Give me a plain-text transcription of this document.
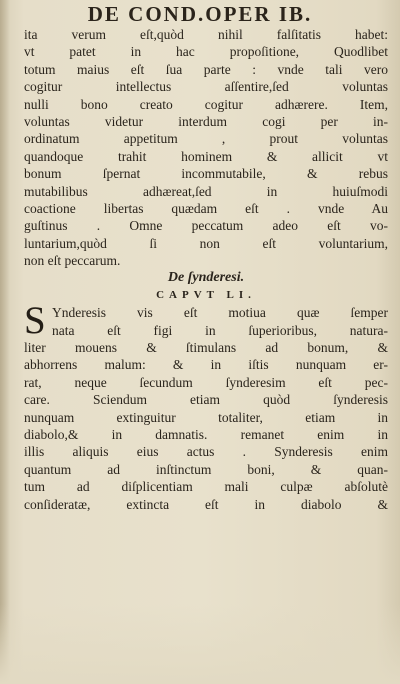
DE COND.OPER IB.
ita verum eſt,quòd nihil falſitatis habet:
vt patet in hac propoſitione, Quodlibet
totum maius eſt ſua parte : vnde tali vero
cogitur intellectus aſſentire,ſed voluntas
nulli bono creato cogitur adhærere. Item,
voluntas videtur interdum cogi per in-
ordinatum appetitum , prout voluntas
quandoque trahit hominem & allicit vt
bonum ſpernat incommutabile, & rebus
mutabilibus adhæreat,ſed in huiuſmodi
coactione libertas quædam eſt . vnde Au
guſtinus . Omne peccatum adeo eſt vo-
luntarium,quòd ſi non eſt voluntarium,
non eſt peccarum.
De ſynderesi.
CAPVT LI.
S Ynderesis vis eſt motiua quæ ſemper
nata eſt figi in ſuperioribus, natura-
liter mouens & ſtimulans ad bonum, &
abhorrens malum: & in iſtis nunquam er-
rat, neque ſecundum ſynderesim eſt pec-
care. Sciendum etiam quòd ſynderesis
nunquam extinguitur totaliter, etiam in
diabolo,& in damnatis. remanet enim in
illis aliquis eius actus . Synderesis enim
quantum ad inſtinctum boni, & quan-
tum ad diſplicentiam mali culpæ abſolutè
conſideratæ, extincta eſt in diabolo &
